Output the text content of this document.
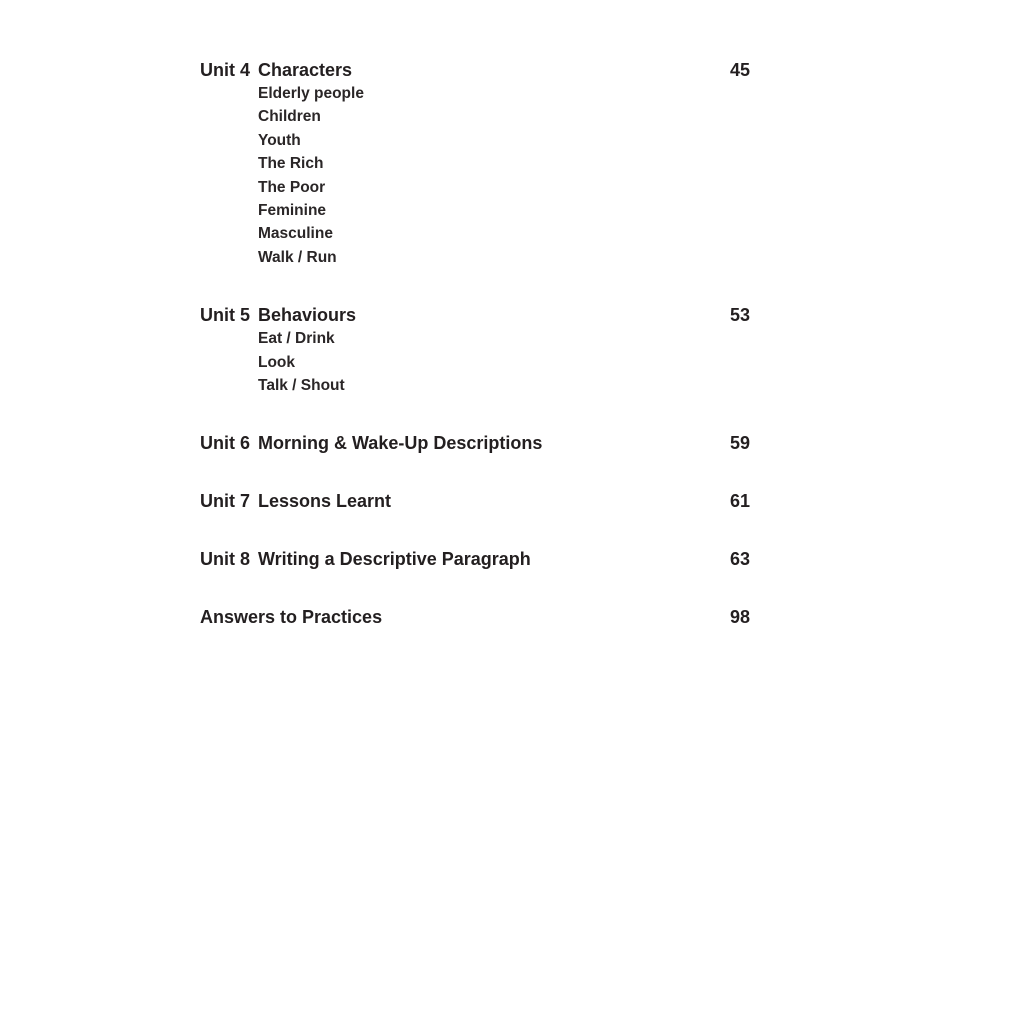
Unit 4 Characters	45
Elderly people
Children
Youth
The Rich
The Poor
Feminine
Masculine
Walk / Run
Unit 5 Behaviours	53
Eat / Drink
Look
Talk / Shout
Unit 6 Morning & Wake-Up Descriptions	59
Unit 7 Lessons Learnt	61
Unit 8 Writing a Descriptive Paragraph	63
Answers to Practices	98
